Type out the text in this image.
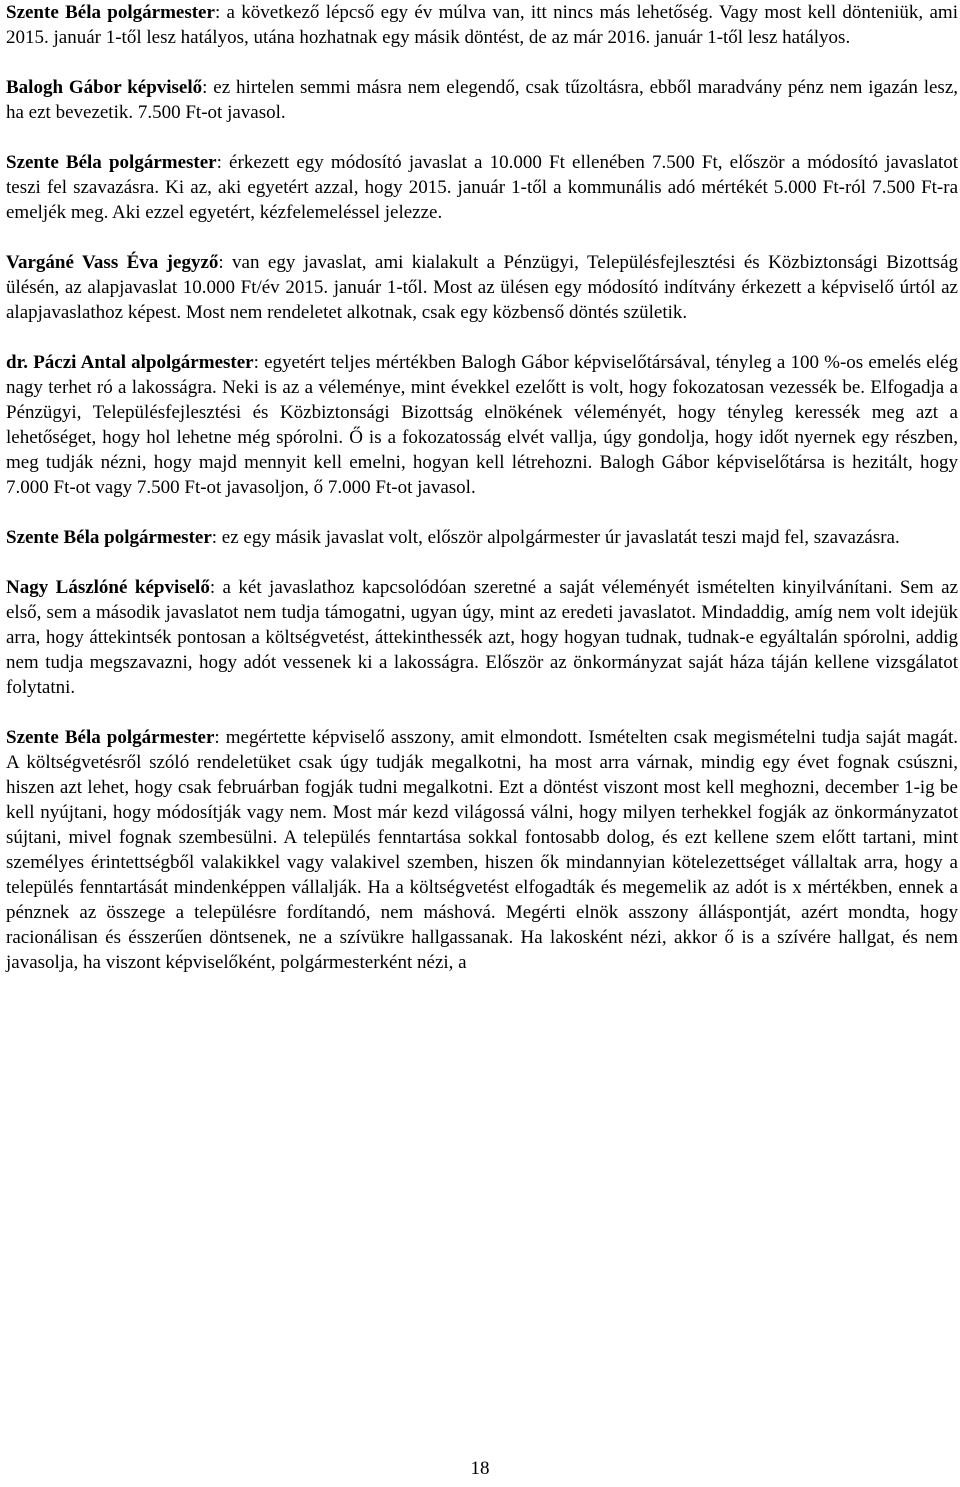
Szente Béla polgármester: a következő lépcső egy év múlva van, itt nincs más lehetőség. Vagy most kell dönteniük, ami 2015. január 1-től lesz hatályos, utána hozhatnak egy másik döntést, de az már 2016. január 1-től lesz hatályos.

Balogh Gábor képviselő: ez hirtelen semmi másra nem elegendő, csak tűzoltásra, ebből maradvány pénz nem igazán lesz, ha ezt bevezetik. 7.500 Ft-ot javasol.

Szente Béla polgármester: érkezett egy módosító javaslat a 10.000 Ft ellenében 7.500 Ft, először a módosító javaslatot teszi fel szavazásra. Ki az, aki egyetért azzal, hogy 2015. január 1-től a kommunális adó mértékét 5.000 Ft-ról 7.500 Ft-ra emeljék meg. Aki ezzel egyetért, kézfelemeléssel jelezze.

Vargáné Vass Éva jegyző: van egy javaslat, ami kialakult a Pénzügyi, Településfejlesztési és Közbiztonsági Bizottság ülésén, az alapjavaslat 10.000 Ft/év 2015. január 1-től. Most az ülésen egy módosító indítvány érkezett a képviselő úrtól az alapjavaslathoz képest. Most nem rendeletet alkotnak, csak egy közbenső döntés születik.

dr. Páczi Antal alpolgármester: egyetért teljes mértékben Balogh Gábor képviselőtársával, tényleg a 100 %-os emelés elég nagy terhet ró a lakosságra. Neki is az a véleménye, mint évekkel ezelőtt is volt, hogy fokozatosan vezessék be. Elfogadja a Pénzügyi, Településfejlesztési és Közbiztonsági Bizottság elnökének véleményét, hogy tényleg keressék meg azt a lehetőséget, hogy hol lehetne még spórolni. Ő is a fokozatosság elvét vallja, úgy gondolja, hogy időt nyernek egy részben, meg tudják nézni, hogy majd mennyit kell emelni, hogyan kell létrehozni. Balogh Gábor képviselőtársa is hezitált, hogy 7.000 Ft-ot vagy 7.500 Ft-ot javasoljon, ő 7.000 Ft-ot javasol.

Szente Béla polgármester: ez egy másik javaslat volt, először alpolgármester úr javaslatát teszi majd fel, szavazásra.

Nagy Lászlóné képviselő: a két javaslathoz kapcsolódóan szeretné a saját véleményét ismételten kinyilvánítani. Sem az első, sem a második javaslatot nem tudja támogatni, ugyan úgy, mint az eredeti javaslatot. Mindaddig, amíg nem volt idejük arra, hogy áttekintsék pontosan a költségvetést, áttekinthessék azt, hogy hogyan tudnak, tudnak-e egyáltalán spórolni, addig nem tudja megszavazni, hogy adót vessenek ki a lakosságra. Először az önkormányzat saját háza táján kellene vizsgálatot folytatni.

Szente Béla polgármester: megértette képviselő asszony, amit elmondott. Ismételten csak megismételni tudja saját magát. A költségvetésről szóló rendeletüket csak úgy tudják megalkotni, ha most arra várnak, mindig egy évet fognak csúszni, hiszen azt lehet, hogy csak februárban fogják tudni megalkotni. Ezt a döntést viszont most kell meghozni, december 1-ig be kell nyújtani, hogy módosítják vagy nem. Most már kezd világossá válni, hogy milyen terhekkel fogják az önkormányzatot sújtani, mivel fognak szembesülni. A település fenntartása sokkal fontosabb dolog, és ezt kellene szem előtt tartani, mint személyes érintettségből valakikkel vagy valakivel szemben, hiszen ők mindannyian kötelezettséget vállaltak arra, hogy a település fenntartását mindenképpen vállalják. Ha a költségvetést elfogadták és megemelik az adót is x mértékben, ennek a pénznek az összege a településre fordítandó, nem máshová. Megérti elnök asszony álláspontját, azért mondta, hogy racionálisan és ésszerűen döntsenek, ne a szívükre hallgassanak. Ha lakosként nézi, akkor ő is a szívére hallgat, és nem javasolja, ha viszont képviselőként, polgármesterként nézi, a

18
